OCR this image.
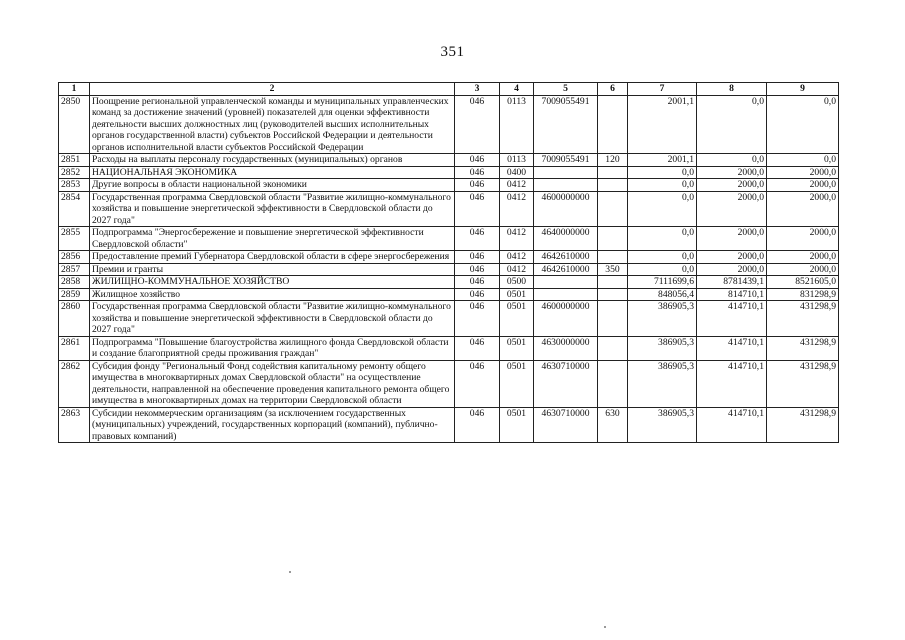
351
1	2	3	4	5	6	7	8	9
2850	Поощрение региональной управленческой команды и муниципальных управленческих команд за достижение значений (уровней) показателей для оценки эффективности деятельности высших должностных лиц (руководителей высших исполнительных органов государственной власти) субъектов Российской Федерации и деятельности органов исполнительной власти субъектов Российской Федерации	046	0113	7009055491		2001,1	0,0	0,0
2851	Расходы на выплаты персоналу государственных (муниципальных) органов	046	0113	7009055491	120	2001,1	0,0	0,0
2852	НАЦИОНАЛЬНАЯ ЭКОНОМИКА	046	0400			0,0	2000,0	2000,0
2853	Другие вопросы в области национальной экономики	046	0412			0,0	2000,0	2000,0
2854	Государственная программа Свердловской области "Развитие жилищно-коммунального хозяйства и повышение энергетической эффективности в Свердловской области до 2027 года"	046	0412	4600000000		0,0	2000,0	2000,0
2855	Подпрограмма "Энергосбережение и повышение энергетической эффективности Свердловской области"	046	0412	4640000000		0,0	2000,0	2000,0
2856	Предоставление премий Губернатора Свердловской области в сфере энергосбережения	046	0412	4642610000		0,0	2000,0	2000,0
2857	Премии и гранты	046	0412	4642610000	350	0,0	2000,0	2000,0
2858	ЖИЛИЩНО-КОММУНАЛЬНОЕ ХОЗЯЙСТВО	046	0500			7111699,6	8781439,1	8521605,0
2859	Жилищное хозяйство	046	0501			848056,4	814710,1	831298,9
2860	Государственная программа Свердловской области "Развитие жилищно-коммунального хозяйства и повышение энергетической эффективности в Свердловской области до 2027 года"	046	0501	4600000000		386905,3	414710,1	431298,9
2861	Подпрограмма "Повышение благоустройства жилищного фонда Свердловской области и создание благоприятной среды проживания граждан"	046	0501	4630000000		386905,3	414710,1	431298,9
2862	Субсидия фонду "Региональный Фонд содействия капитальному ремонту общего имущества в многоквартирных домах Свердловской области" на осуществление деятельности, направленной на обеспечение проведения капитального ремонта общего имущества в многоквартирных домах на территории Свердловской области	046	0501	4630710000		386905,3	414710,1	431298,9
2863	Субсидии некоммерческим организациям (за исключением государственных (муниципальных) учреждений, государственных корпораций (компаний), публично-правовых компаний)	046	0501	4630710000	630	386905,3	414710,1	431298,9
